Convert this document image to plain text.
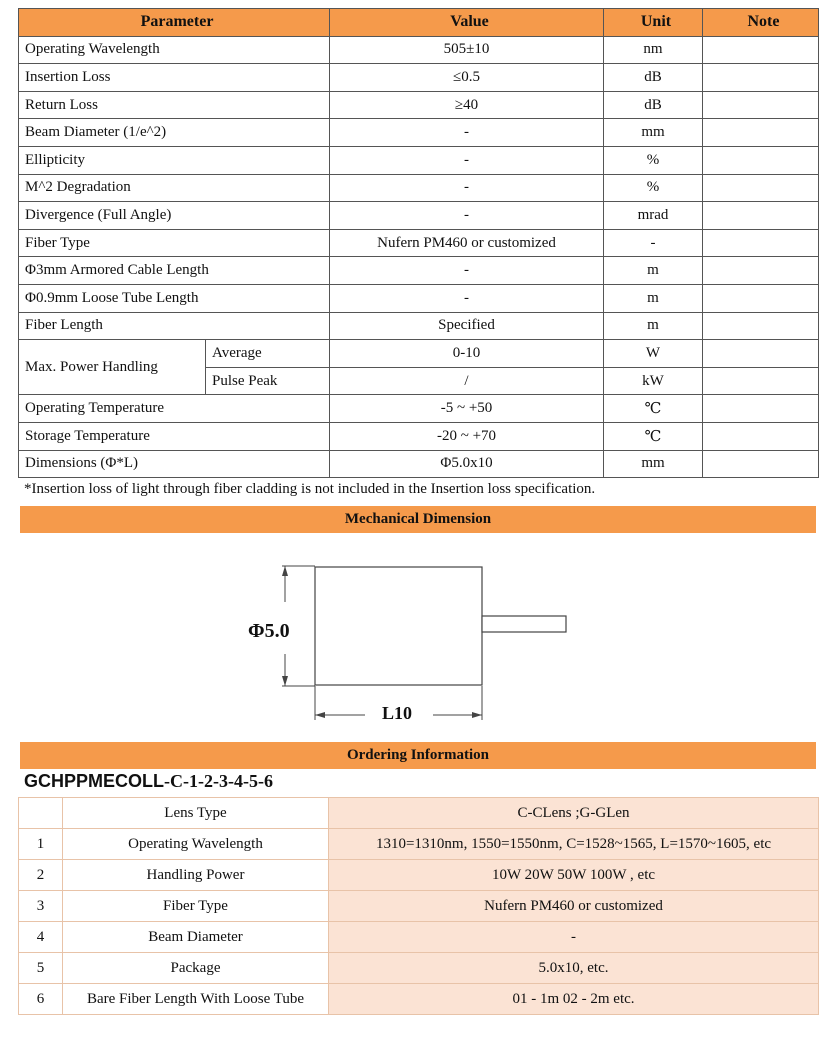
Parameter		Value	Unit	Note
Operating Wavelength		505±10	nm	
Insertion Loss		≤0.5	dB	
Return Loss		≥40	dB	
Beam Diameter (1/e^2)		-	mm	
Ellipticity		-	%	
M^2 Degradation		-	%	
Divergence (Full Angle)		-	mrad	
Fiber Type		Nufern PM460 or customized	-	
Φ3mm Armored Cable Length		-	m	
Φ0.9mm Loose Tube Length		-	m	
Fiber Length		Specified	m	
Max. Power Handling	Average	0-10	W	
	Pulse Peak	/	kW	
Operating Temperature		-5 ~ +50	℃	
Storage Temperature		-20 ~ +70	℃	
Dimensions (Φ*L)		Φ5.0x10	mm	
*Insertion loss of light through fiber cladding is not included in the Insertion loss specification.
Mechanical Dimension
Φ5.0
L10
Ordering Information
GCHPPMECOLL-C-1-2-3-4-5-6
	Lens Type	C-CLens ;G-GLen
1	Operating Wavelength	1310=1310nm, 1550=1550nm, C=1528~1565, L=1570~1605, etc
2	Handling Power	10W 20W 50W 100W , etc
3	Fiber Type	Nufern PM460 or customized
4	Beam Diameter	-
5	Package	5.0x10, etc.
6	Bare Fiber Length With Loose Tube	01 - 1m 02 - 2m etc.
